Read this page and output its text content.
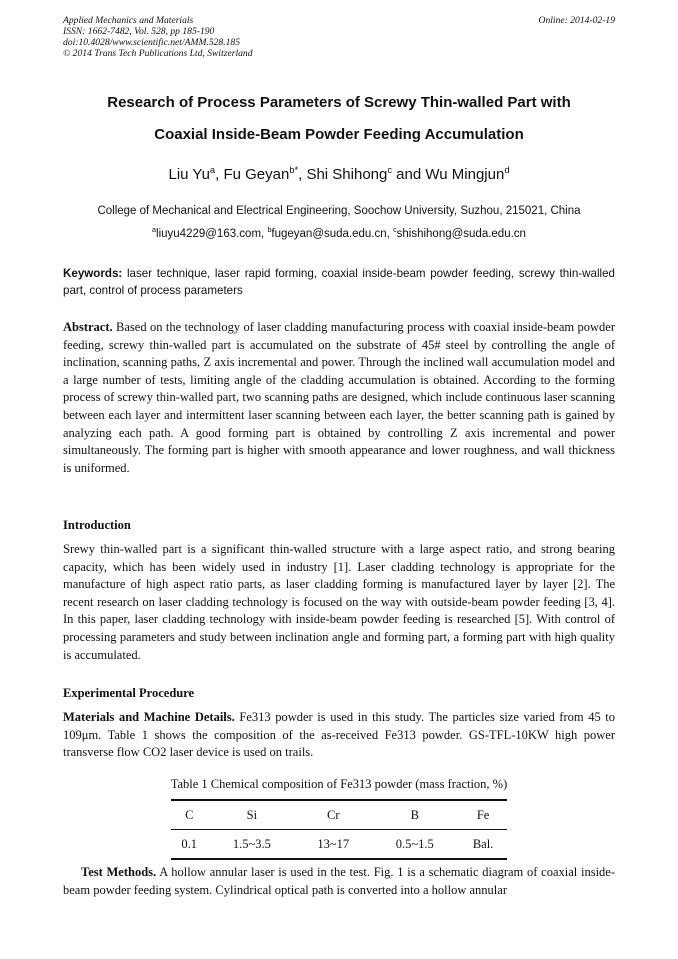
Applied Mechanics and Materials
ISSN: 1662-7482, Vol. 528, pp 185-190
doi:10.4028/www.scientific.net/AMM.528.185
© 2014 Trans Tech Publications Ltd, Switzerland
Online: 2014-02-19
Research of Process Parameters of Screwy Thin-walled Part with
Coaxial Inside-Beam Powder Feeding Accumulation
Liu Yu$^a$, Fu Geyan$^{b*}$, Shi Shihong$^c$ and Wu Mingjun$^d$
College of Mechanical and Electrical Engineering, Soochow University, Suzhou, 215021, China
$^a$liuyu4229@163.com, $^b$fugeyan@suda.edu.cn, $^c$shishihong@suda.edu.cn

Keywords: laser technique, laser rapid forming, coaxial inside-beam powder feeding, screwy thin-walled part, control of process parameters

Abstract. Based on the technology of laser cladding manufacturing process with coaxial inside-beam powder feeding, screwy thin-walled part is accumulated on the substrate of 45# steel by controlling the angle of inclination, scanning paths, Z axis incremental and power. Through the inclined wall accumulation model and a large number of tests, limiting angle of the cladding accumulation is obtained. According to the forming process of screwy thin-walled part, two scanning paths are designed, which include continuous laser scanning between each layer and intermittent laser scanning between each layer, the better scanning path is gained by analyzing each path. A good forming part is obtained by controlling Z axis incremental and power simultaneously. The forming part is higher with smooth appearance and lower roughness, and wall thickness is uniformed.

Introduction

Srewy thin-walled part is a significant thin-walled structure with a large aspect ratio, and strong bearing capacity, which has been widely used in industry [1]. Laser cladding technology is appropriate for the manufacture of high aspect ratio parts, as laser cladding forming is manufactured layer by layer [2]. The recent research on laser cladding technology is focused on the way with outside-beam powder feeding [3, 4]. In this paper, laser cladding technology with inside-beam powder feeding is researched [5]. With control of processing parameters and study between inclination angle and forming part, a forming part with high quality is accumulated.

Experimental Procedure

Materials and Machine Details. Fe313 powder is used in this study. The particles size varied from 45 to 109μm. Table 1 shows the composition of the as-received Fe313 powder. GS-TFL-10KW high power transverse flow CO2 laser device is used on trails.

Table 1 Chemical composition of Fe313 powder (mass fraction, %)
C	Si	Cr	B	Fe
0.1	1.5~3.5	13~17	0.5~1.5	Bal.

Test Methods. A hollow annular laser is used in the test. Fig. 1 is a schematic diagram of coaxial inside-beam powder feeding system. Cylindrical optical path is converted into a hollow annular
